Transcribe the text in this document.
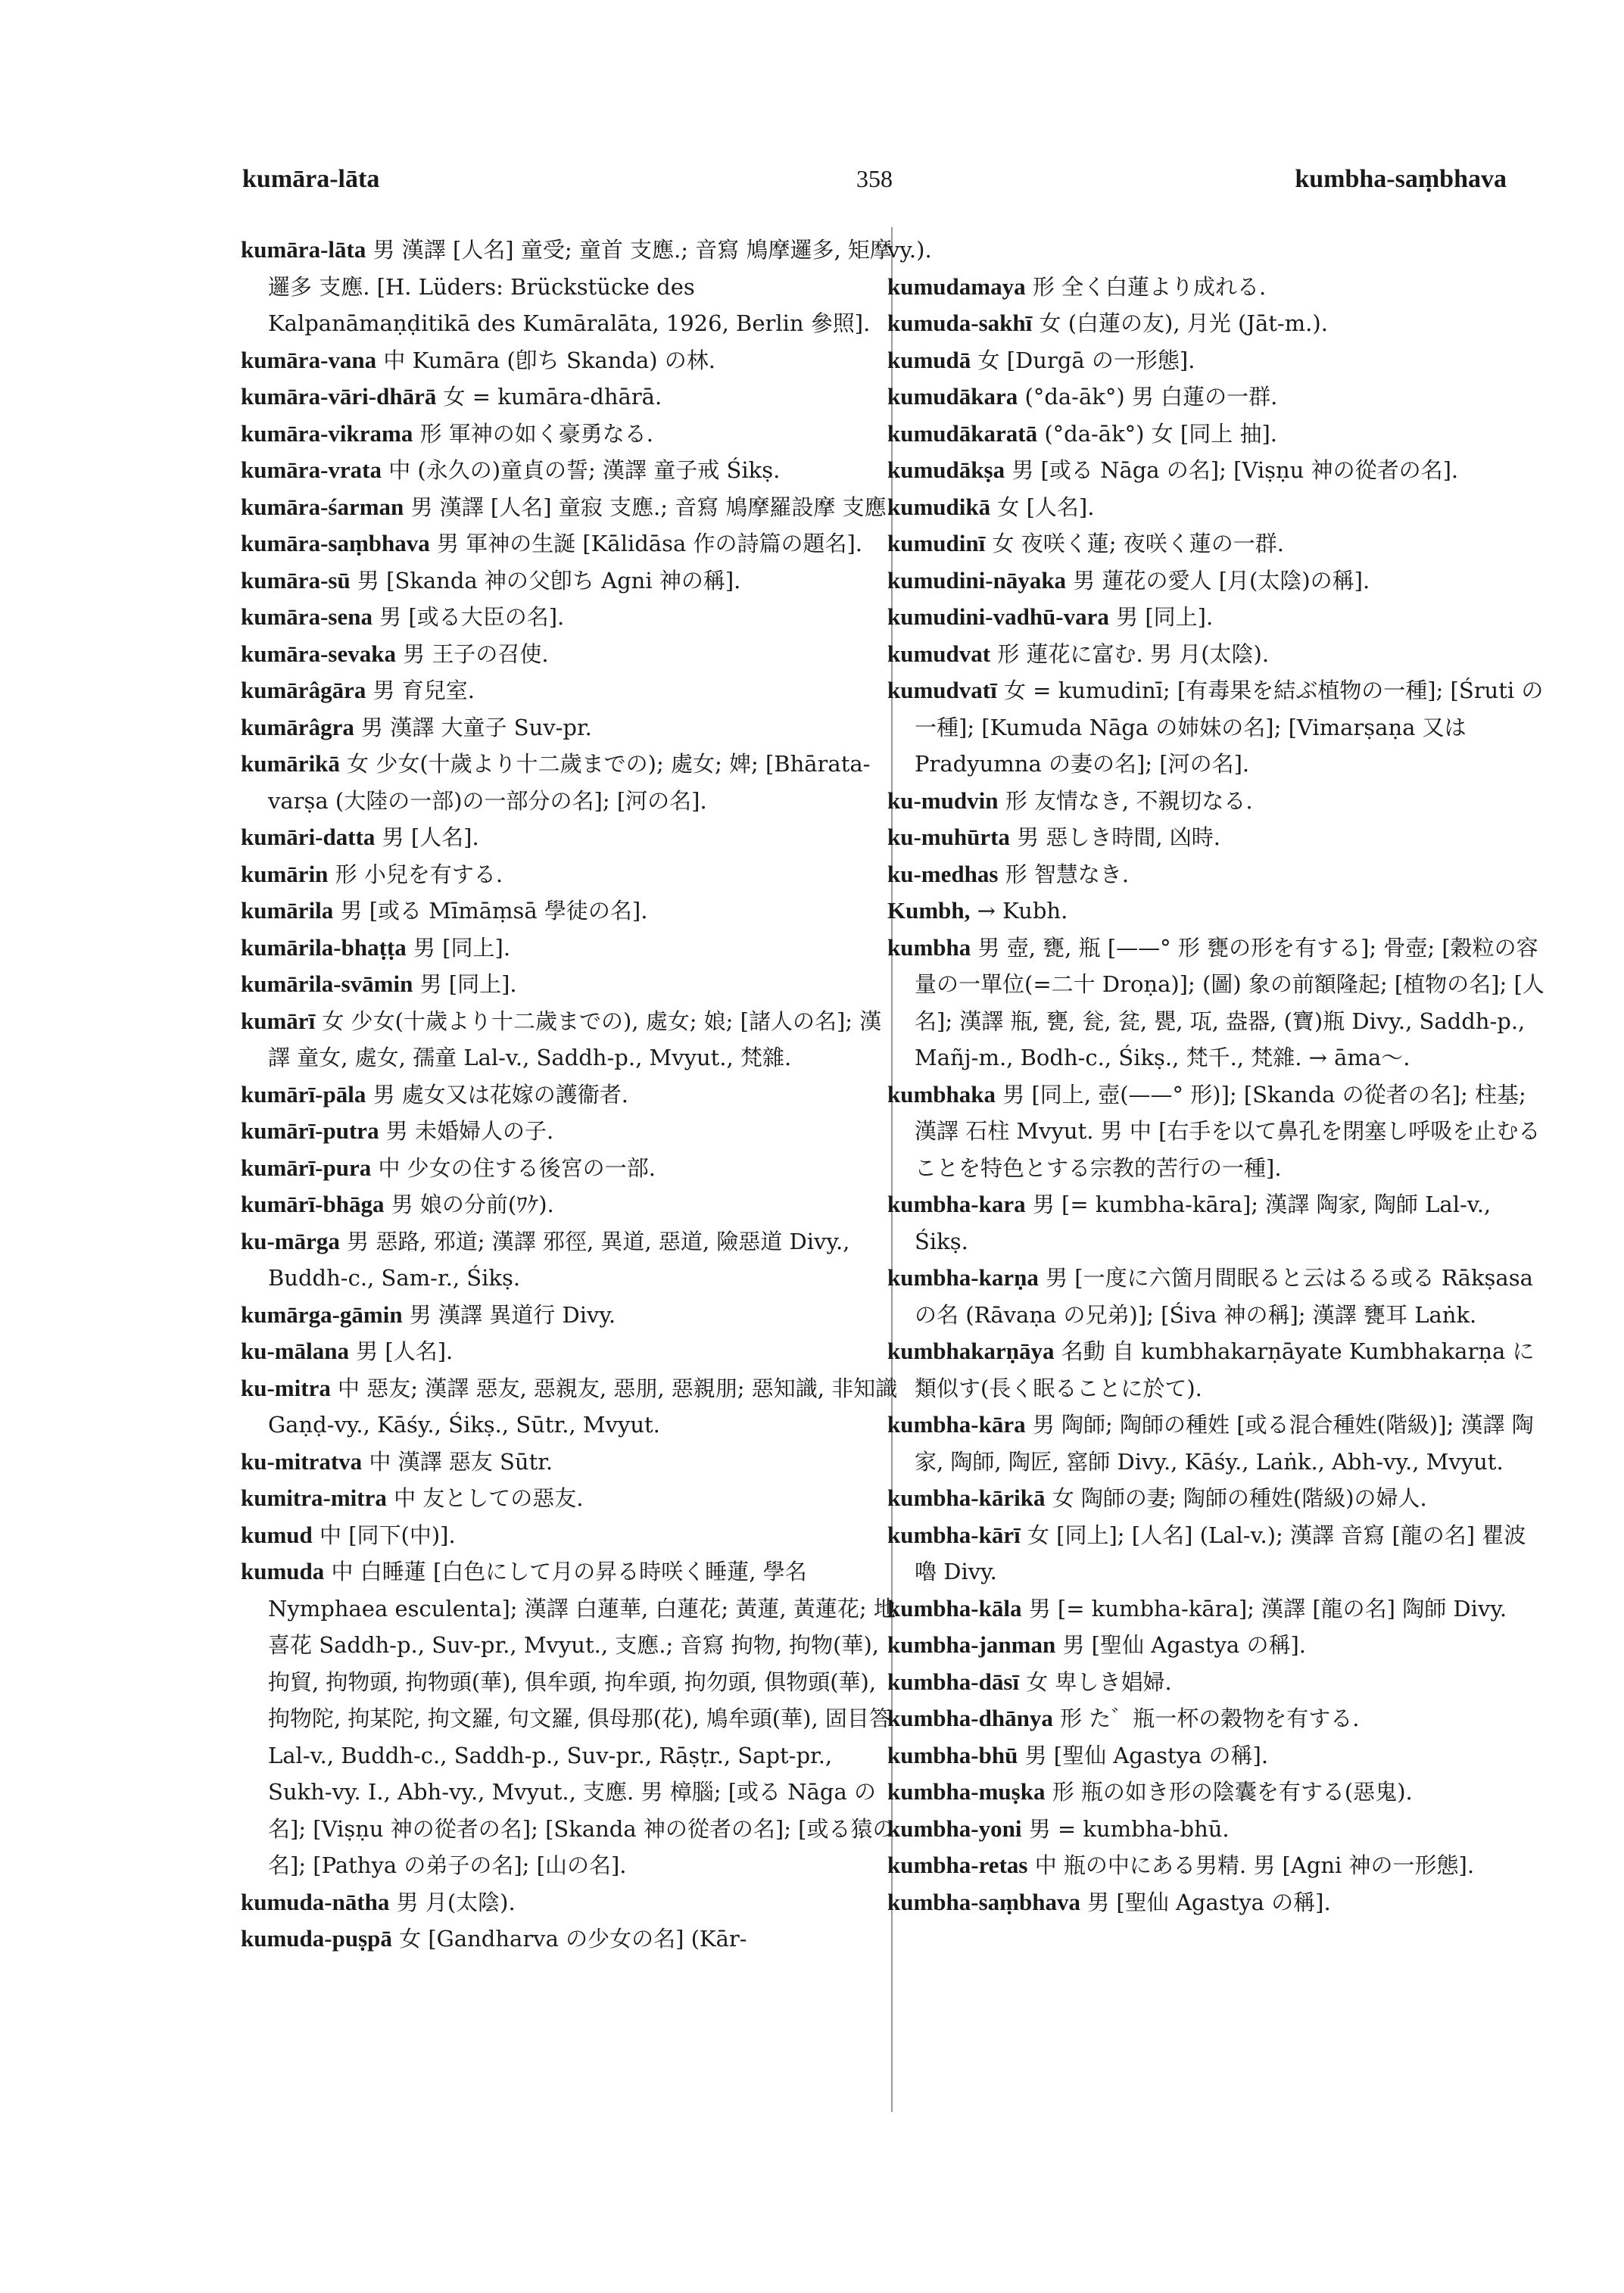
kumāra-lāta	358	kumbha-saṃbhava

kumāra-lāta 男 漢譯 [人名] 童受; 童首 支應.; 音寫 鳩摩邏多, 矩摩邏多 支應. [H. Lüders: Brückstücke des Kalpanāmaṇḍitikā des Kumāralāta, 1926, Berlin 參照].

kumāra-vana 中 Kumāra (卽ち Skanda) の林.

kumāra-vāri-dhārā 女 = kumāra-dhārā.

kumāra-vikrama 形 軍神の如く豪勇なる.

kumāra-vrata 中 (永久の)童貞の誓; 漢譯 童子戒 Śikṣ.

kumāra-śarman 男 漢譯 [人名] 童寂 支應.; 音寫 鳩摩羅設摩 支應.

kumāra-saṃbhava 男 軍神の生誕 [Kālidāsa 作の詩篇の題名].

kumāra-sū 男 [Skanda 神の父卽ち Agni 神の稱].

kumāra-sena 男 [或る大臣の名].

kumāra-sevaka 男 王子の召使.

kumārâgāra 男 育兒室.

kumārâgra 男 漢譯 大童子 Suv-pr.

kumārikā 女 少女(十歲より十二歲までの); 處女; 婢; [Bhārata-varṣa (大陸の一部)の一部分の名]; [河の名].

kumāri-datta 男 [人名].

kumārin 形 小兒を有する.

kumārila 男 [或る Mīmāṃsā 學徒の名].

kumārila-bhaṭṭa 男 [同上].

kumārila-svāmin 男 [同上].

kumārī 女 少女(十歲より十二歲までの), 處女; 娘; [諸人の名]; 漢譯 童女, 處女, 孺童 Lal-v., Saddh-p., Mvyut., 梵雜.

kumārī-pāla 男 處女又は花嫁の護衞者.

kumārī-putra 男 未婚婦人の子.

kumārī-pura 中 少女の住する後宮の一部.

kumārī-bhāga 男 娘の分前(ﾜｹ).

ku-mārga 男 惡路, 邪道; 漢譯 邪徑, 異道, 惡道, 險惡道 Divy., Buddh-c., Sam-r., Śikṣ.

kumārga-gāmin 男 漢譯 異道行 Divy.

ku-mālana 男 [人名].

ku-mitra 中 惡友; 漢譯 惡友, 惡親友, 惡朋, 惡親朋; 惡知識, 非知識 Gaṇḍ-vy., Kāśy., Śikṣ., Sūtr., Mvyut.

ku-mitratva 中 漢譯 惡友 Sūtr.

kumitra-mitra 中 友としての惡友.

kumud 中 [同下(中)].

kumuda 中 白睡蓮 [白色にして月の昇る時咲く睡蓮, 學名 Nymphaea esculenta]; 漢譯 白蓮華, 白蓮花; 黃蓮, 黃蓮花; 地喜花 Saddh-p., Suv-pr., Mvyut., 支應.; 音寫 拘物, 拘物(華), 拘貿, 拘物頭, 拘物頭(華), 俱牟頭, 拘牟頭, 拘勿頭, 俱物頭(華), 拘物陀, 拘某陀, 拘文羅, 句文羅, 俱母那(花), 鳩牟頭(華), 固目答 Lal-v., Buddh-c., Saddh-p., Suv-pr., Rāṣṭr., Sapt-pr., Sukh-vy. I., Abh-vy., Mvyut., 支應. 男 樟腦; [或る Nāga の名]; [Viṣṇu 神の從者の名]; [Skanda 神の從者の名]; [或る猿の名]; [Pathya の弟子の名]; [山の名].

kumuda-nātha 男 月(太陰).

kumuda-puṣpā 女 [Gandharva の少女の名] (Kār-

vy.).

kumudamaya 形 全く白蓮より成れる.

kumuda-sakhī 女 (白蓮の友), 月光 (Jāt-m.).

kumudā 女 [Durgā の一形態].

kumudākara (°da-āk°) 男 白蓮の一群.

kumudākaratā (°da-āk°) 女 [同上 抽].

kumudākṣa 男 [或る Nāga の名]; [Viṣṇu 神の從者の名].

kumudikā 女 [人名].

kumudinī 女 夜咲く蓮; 夜咲く蓮の一群.

kumudini-nāyaka 男 蓮花の愛人 [月(太陰)の稱].

kumudini-vadhū-vara 男 [同上].

kumudvat 形 蓮花に富む. 男 月(太陰).

kumudvatī 女 = kumudinī; [有毒果を結ぶ植物の一種]; [Śruti の一種]; [Kumuda Nāga の姉妹の名]; [Vimarṣaṇa 又は Pradyumna の妻の名]; [河の名].

ku-mudvin 形 友情なき, 不親切なる.

ku-muhūrta 男 惡しき時間, 凶時.

ku-medhas 形 智慧なき.

Kumbh, → Kubh.

kumbha 男 壺, 甕, 瓶 [——° 形 甕の形を有する]; 骨壺; [穀粒の容量の一單位(=二十 Droṇa)]; (圖) 象の前額隆起; [植物の名]; [人名]; 漢譯 瓶, 甕, 瓮, 瓫, 甖, 瓨, 盎器, (寶)瓶 Divy., Saddh-p., Mañj-m., Bodh-c., Śikṣ., 梵千., 梵雜. → āma〜.

kumbhaka 男 [同上, 壺(——° 形)]; [Skanda の從者の名]; 柱基; 漢譯 石柱 Mvyut. 男 中 [右手を以て鼻孔を閉塞し呼吸を止むることを特色とする宗教的苦行の一種].

kumbha-kara 男 [= kumbha-kāra]; 漢譯 陶家, 陶師 Lal-v., Śikṣ.

kumbha-karṇa 男 [一度に六箇月間眠ると云はるる或る Rākṣasa の名 (Rāvaṇa の兄弟)]; [Śiva 神の稱]; 漢譯 甕耳 Laṅk.

kumbhakarṇāya 名動 自 kumbhakarṇāyate Kumbhakarṇa に類似す(長く眠ることに於て).

kumbha-kāra 男 陶師; 陶師の種姓 [或る混合種姓(階級)]; 漢譯 陶家, 陶師, 陶匠, 窰師 Divy., Kāśy., Laṅk., Abh-vy., Mvyut.

kumbha-kārikā 女 陶師の妻; 陶師の種姓(階級)の婦人.

kumbha-kārī 女 [同上]; [人名] (Lal-v.); 漢譯 音寫 [龍の名] 瞿波嚕 Divy.

kumbha-kāla 男 [= kumbha-kāra]; 漢譯 [龍の名] 陶師 Divy.

kumbha-janman 男 [聖仙 Agastya の稱].

kumbha-dāsī 女 卑しき娼婦.

kumbha-dhānya 形 た゛瓶一杯の穀物を有する.

kumbha-bhū 男 [聖仙 Agastya の稱].

kumbha-muṣka 形 瓶の如き形の陰囊を有する(惡鬼).

kumbha-yoni 男 = kumbha-bhū.

kumbha-retas 中 瓶の中にある男精. 男 [Agni 神の一形態].

kumbha-saṃbhava 男 [聖仙 Agastya の稱].
